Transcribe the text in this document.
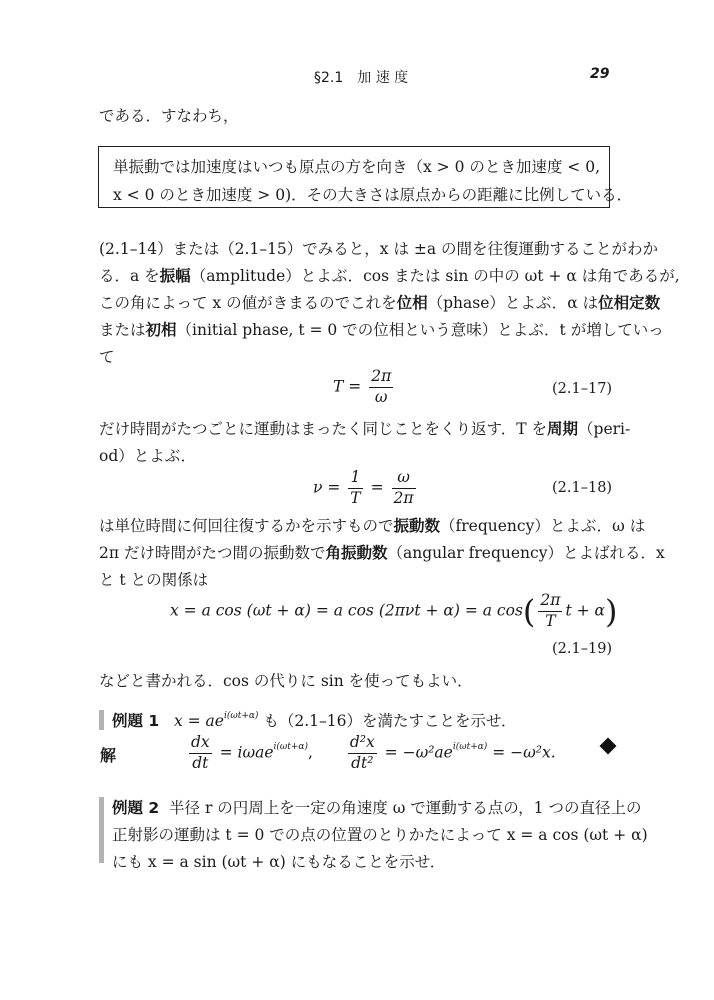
§2.1　加 速 度	29
である．すなわち，
単振動では加速度はいつも原点の方を向き（x > 0 のとき加速度 < 0,
x < 0 のとき加速度 > 0)．その大きさは原点からの距離に比例している．
(2.1–14）または（2.1–15）でみると，x は ±a の間を往復運動することがわか
る．a を振幅（amplitude）とよぶ．cos または sin の中の ωt + α は角であるが,
この角によって x の値がきまるのでこれを位相（phase）とよぶ．α は位相定数
または初相（initial phase, t = 0 での位相という意味）とよぶ．t が増していっ
て
$T = \frac{2\pi}{\omega}$	(2.1–17)
だけ時間がたつごとに運動はまったく同じことをくり返す．T を周期（peri-
od）とよぶ．
$\nu = \frac{1}{T} = \frac{\omega}{2\pi}$	(2.1–18)
は単位時間に何回往復するかを示すもので振動数（frequency）とよぶ．ω は
2π だけ時間がたつ間の振動数で角振動数（angular frequency）とよばれる．x
と t との関係は
x = a cos (ωt + α) = a cos (2πνt + α) = a $\cos( \frac{2\pi}{T}$ t + α)
(2.1–19)
などと書かれる．cos の代りに sin を使ってもよい．
例題 1 $x = ae^{i(\omega t+\alpha)}$ も（2.1–16）を満たすことを示せ．
解	$\frac{dx}{dt} = i\omega ae^{i(\omega t+\alpha)}$, $\frac{\text{d²x}}{\text{dt²}} = -\omega^2ae^{i(\omega t+\alpha)} = -\omega^2x$.
例題 2 半径 r の円周上を一定の角速度 ω で運動する点の，1 つの直径上の
正射影の運動は t = 0 での点の位置のとりかたによって x = a cos (ωt + α)
にも x = a sin (ωt + α) にもなることを示せ．
